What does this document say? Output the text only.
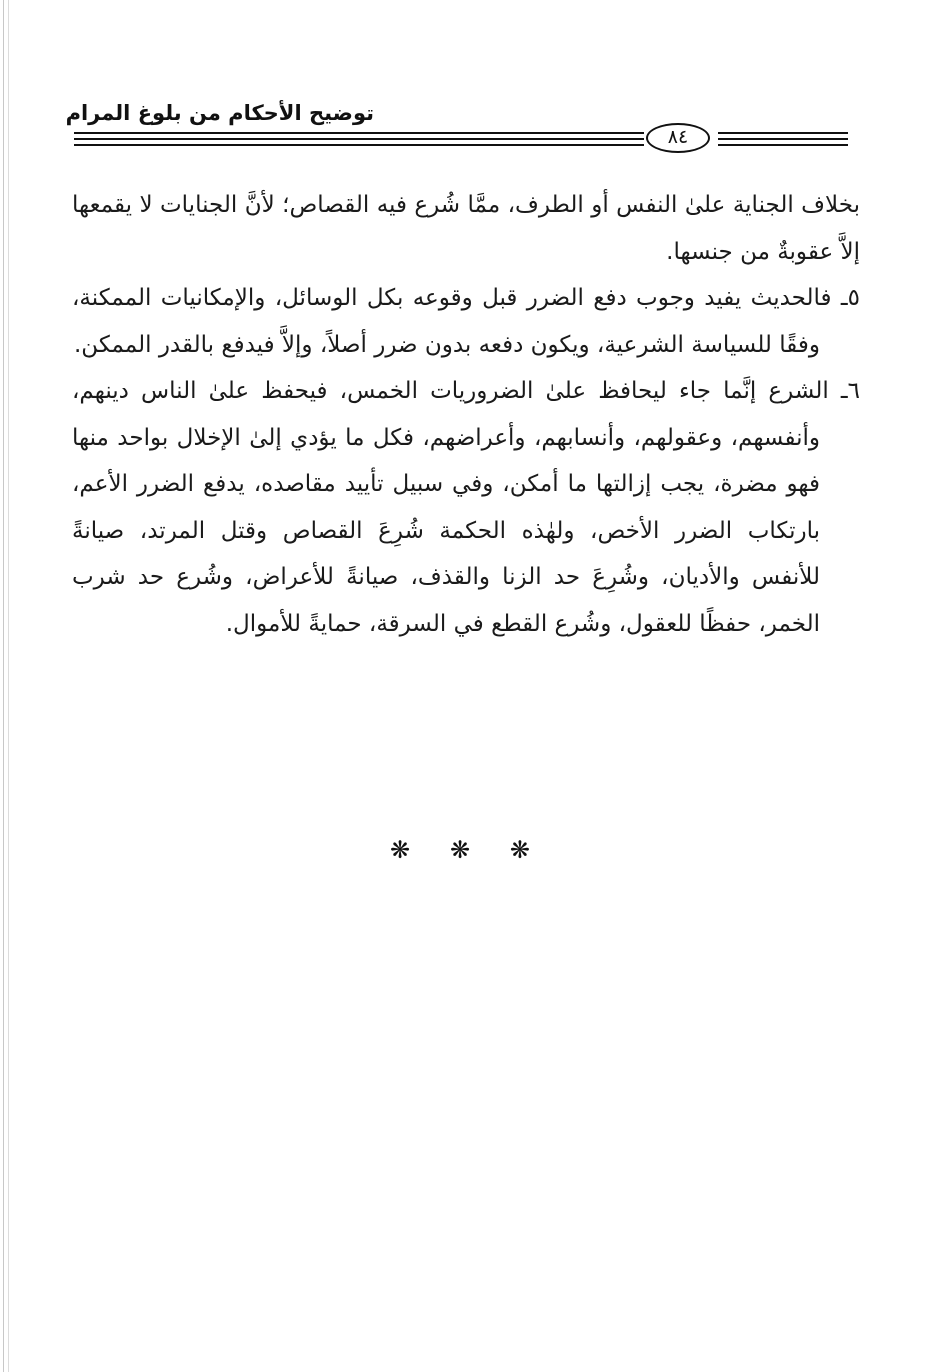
توضيح الأحكام من بلوغ المرام
٨٤

بخلاف الجناية علىٰ النفس أو الطرف، ممَّا شُرع فيه القصاص؛ لأنَّ الجنايات لا يقمعها إلاَّ عقوبةٌ من جنسها.

٥ـ فالحديث يفيد وجوب دفع الضرر قبل وقوعه بكل الوسائل، والإمكانيات الممكنة، وفقًا للسياسة الشرعية، ويكون دفعه بدون ضرر أصلاً، وإلاَّ فيدفع بالقدر الممكن.

٦ـ الشرع إنَّما جاء ليحافظ علىٰ الضروريات الخمس، فيحفظ علىٰ الناس دينهم، وأنفسهم، وعقولهم، وأنسابهم، وأعراضهم، فكل ما يؤدي إلىٰ الإخلال بواحد منها فهو مضرة، يجب إزالتها ما أمكن، وفي سبيل تأييد مقاصده، يدفع الضرر الأعم، بارتكاب الضرر الأخص، ولهٰذه الحكمة شُرِعَ القصاص وقتل المرتد، صيانةً للأنفس والأديان، وشُرِعَ حد الزنا والقذف، صيانةً للأعراض، وشُرع حد شرب الخمر، حفظًا للعقول، وشُرع القطع في السرقة، حمايةً للأموال.

❋ ❋ ❋
